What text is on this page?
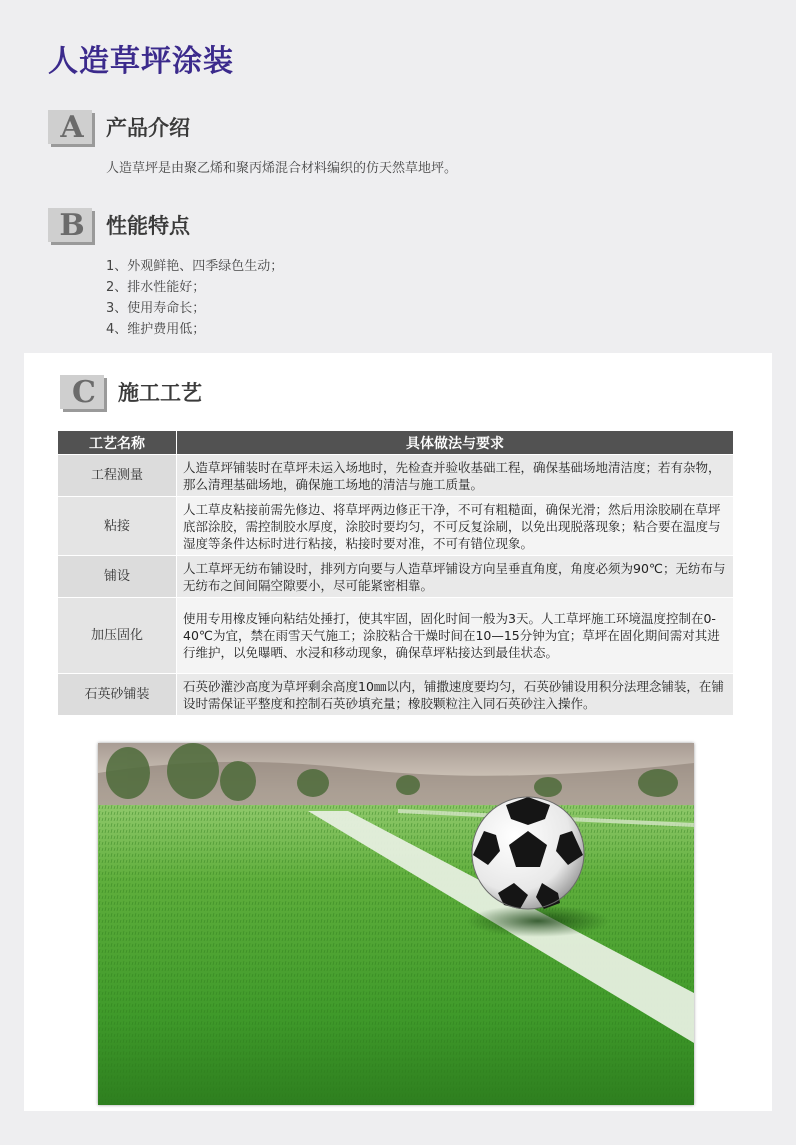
人造草坪涂装
A	产品介绍
人造草坪是由聚乙烯和聚丙烯混合材料编织的仿天然草地坪。
B	性能特点
1、外观鲜艳、四季绿色生动；
2、排水性能好；
3、使用寿命长；
4、维护费用低；
C	施工工艺
工艺名称	具体做法与要求
工程测量	人造草坪铺装时在草坪未运入场地时，先检查并验收基础工程，确保基础场地清洁度；若有杂物，那么清理基础场地，确保施工场地的清洁与施工质量。
粘接	人工草皮粘接前需先修边、将草坪两边修正干净，不可有粗糙面，确保光滑；然后用涂胶刷在草坪底部涂胶，需控制胶水厚度，涂胶时要均匀，不可反复涂刷，以免出现脱落现象；粘合要在温度与湿度等条件达标时进行粘接，粘接时要对准，不可有错位现象。
铺设	人工草坪无纺布铺设时，排列方向要与人造草坪铺设方向呈垂直角度，角度必须为90℃；无纺布与无纺布之间间隔空隙要小，尽可能紧密相靠。
加压固化	使用专用橡皮锤向粘结处捶打，使其牢固，固化时间一般为3天。人工草坪施工环境温度控制在0-40℃为宜，禁在雨雪天气施工；涂胶粘合干燥时间在10—15分钟为宜；草坪在固化期间需对其进行维护，以免曝晒、水浸和移动现象，确保草坪粘接达到最佳状态。
石英砂铺装	石英砂灌沙高度为草坪剩余高度10㎜以内，铺撒速度要均匀，石英砂铺设用积分法理念铺装，在铺设时需保证平整度和控制石英砂填充量；橡胶颗粒注入同石英砂注入操作。
